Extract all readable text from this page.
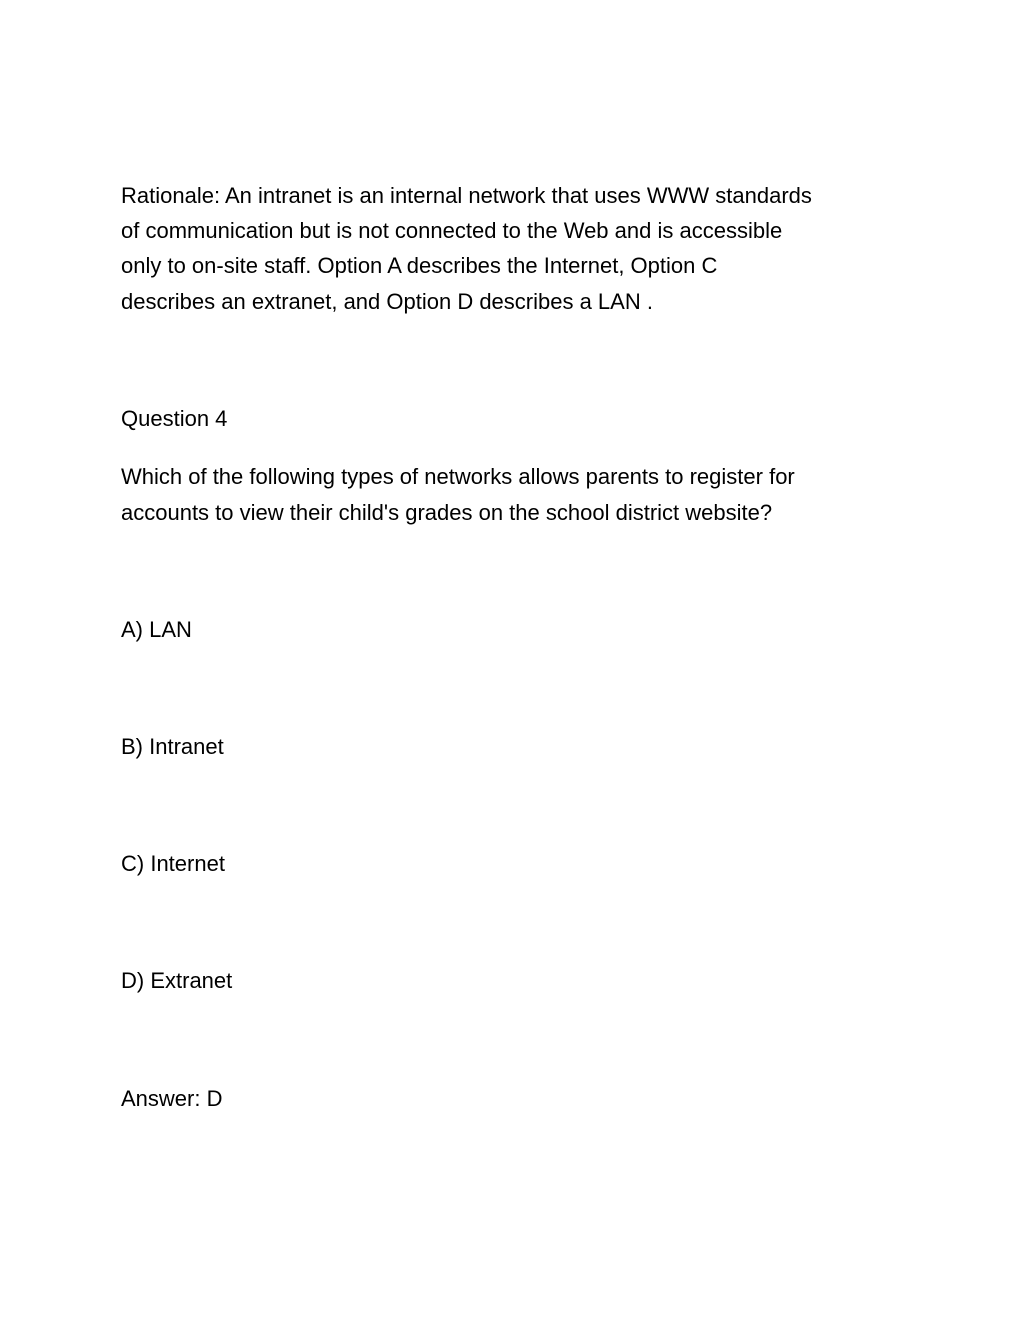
Rationale: An intranet is an internal network that uses WWW standards
of communication but is not connected to the Web and is accessible
only to on-site staff. Option A describes the Internet, Option C
describes an extranet, and Option D describes a LAN .
Question 4
Which of the following types of networks allows parents to register for
accounts to view their child's grades on the school district website?
A) LAN
B) Intranet
C) Internet
D) Extranet
Answer: D
